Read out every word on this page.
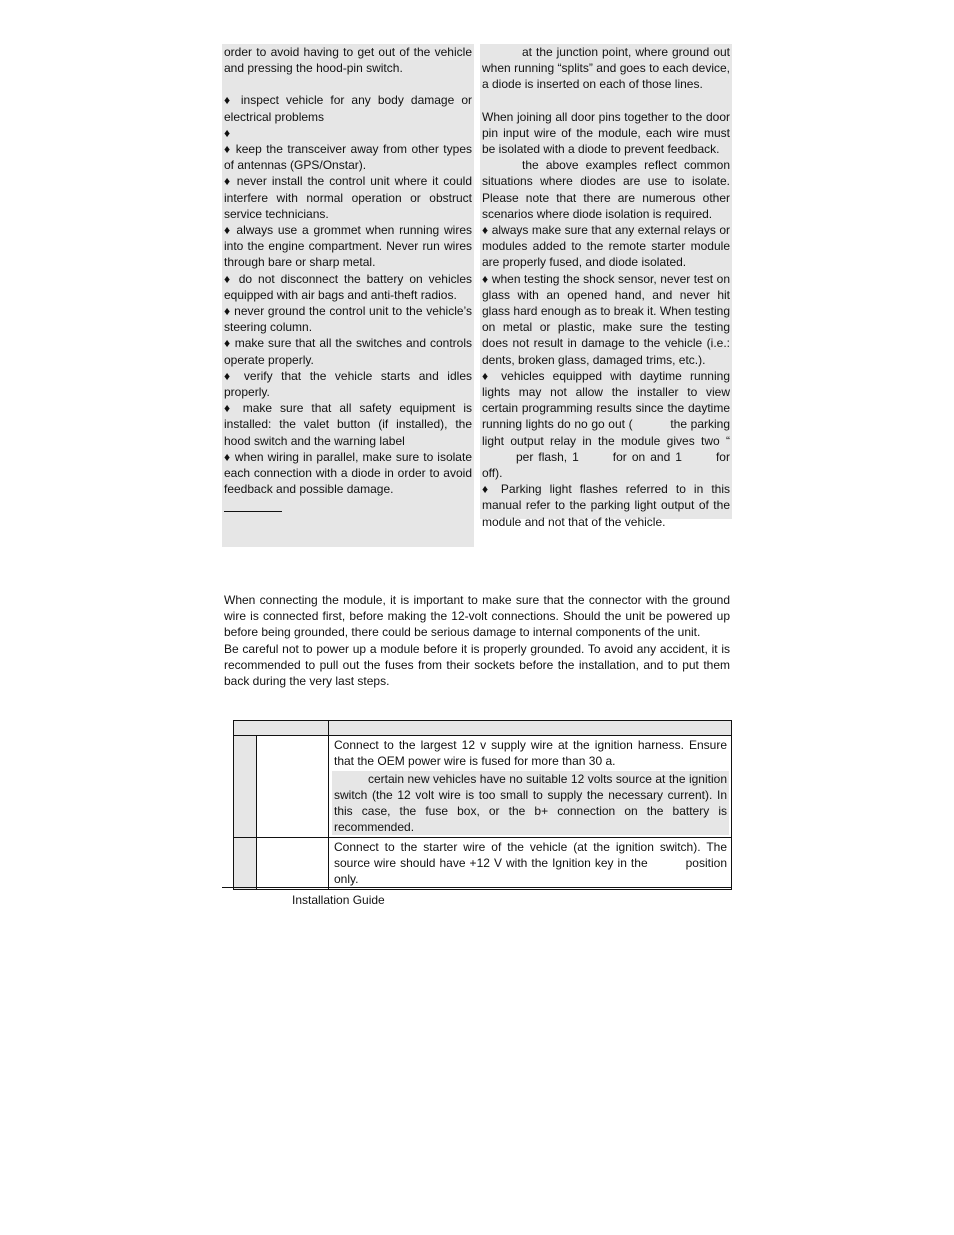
order to avoid having to get out of the vehicle and pressing the hood-pin switch.

♦ inspect vehicle for any body damage or electrical problems

♦

♦ keep the transceiver away from other types of antennas (GPS/Onstar).

♦ never install the control unit where it could interfere with normal operation or obstruct service technicians.

♦ always use a grommet when running wires into the engine compartment. Never run wires through bare or sharp metal.

♦ do not disconnect the battery on vehicles equipped with air bags and anti-theft radios.

♦ never ground the control unit to the vehicle’s steering column.

♦ make sure that all the switches and controls operate properly.

♦ verify that the vehicle starts and idles properly.

♦ make sure that all safety equipment is installed: the valet button (if installed), the hood switch and the warning label

♦ when wiring in parallel, make sure to isolate each connection with a diode in order to avoid feedback and possible damage.

at the junction point, where ground out when running “splits” and goes to each device, a diode is inserted on each of those lines.

When joining all door pins together to the door pin input wire of the module, each wire must be isolated with a diode to prevent feedback.

the above examples reflect common situations where diodes are use to isolate. Please note that there are numerous other scenarios where diode isolation is required.

♦ always make sure that any external relays or modules added to the remote starter module are properly fused, and diode isolated.

♦ when testing the shock sensor, never test on glass with an opened hand, and never hit glass hard enough as to break it. When testing on metal or plastic, make sure the testing does not result in damage to the vehicle (i.e.: dents, broken glass, damaged trims, etc.).

♦ vehicles equipped with daytime running lights may not allow the installer to view certain programming results since the daytime running lights do no go out (	the parking light output relay in the module gives two “per flash, 1	for on and 1	for off).

♦ Parking light flashes referred to in this manual refer to the parking light output of the module and not that of the vehicle.

When connecting the module, it is important to make sure that the connector with the ground wire is connected first, before making the 12-volt connections. Should the unit be powered up before being grounded, there could be serious damage to internal components of the unit.

Be careful not to power up a module before it is properly grounded. To avoid any accident, it is recommended to pull out the fuses from their sockets before the installation, and to put them back during the very last steps.

		Connect to the largest 12 v supply wire at the ignition harness. Ensure that the OEM power wire is fused for more than 30 a.
certain new vehicles have no suitable 12 volts source at the ignition switch (the 12 volt wire is too small to supply the necessary current). In this case, the fuse box, or the b+ connection on the battery is recommended.

		Connect to the starter wire of the vehicle (at the ignition switch). The source wire should have +12 V with the Ignition key in the position only.
Installation Guide
